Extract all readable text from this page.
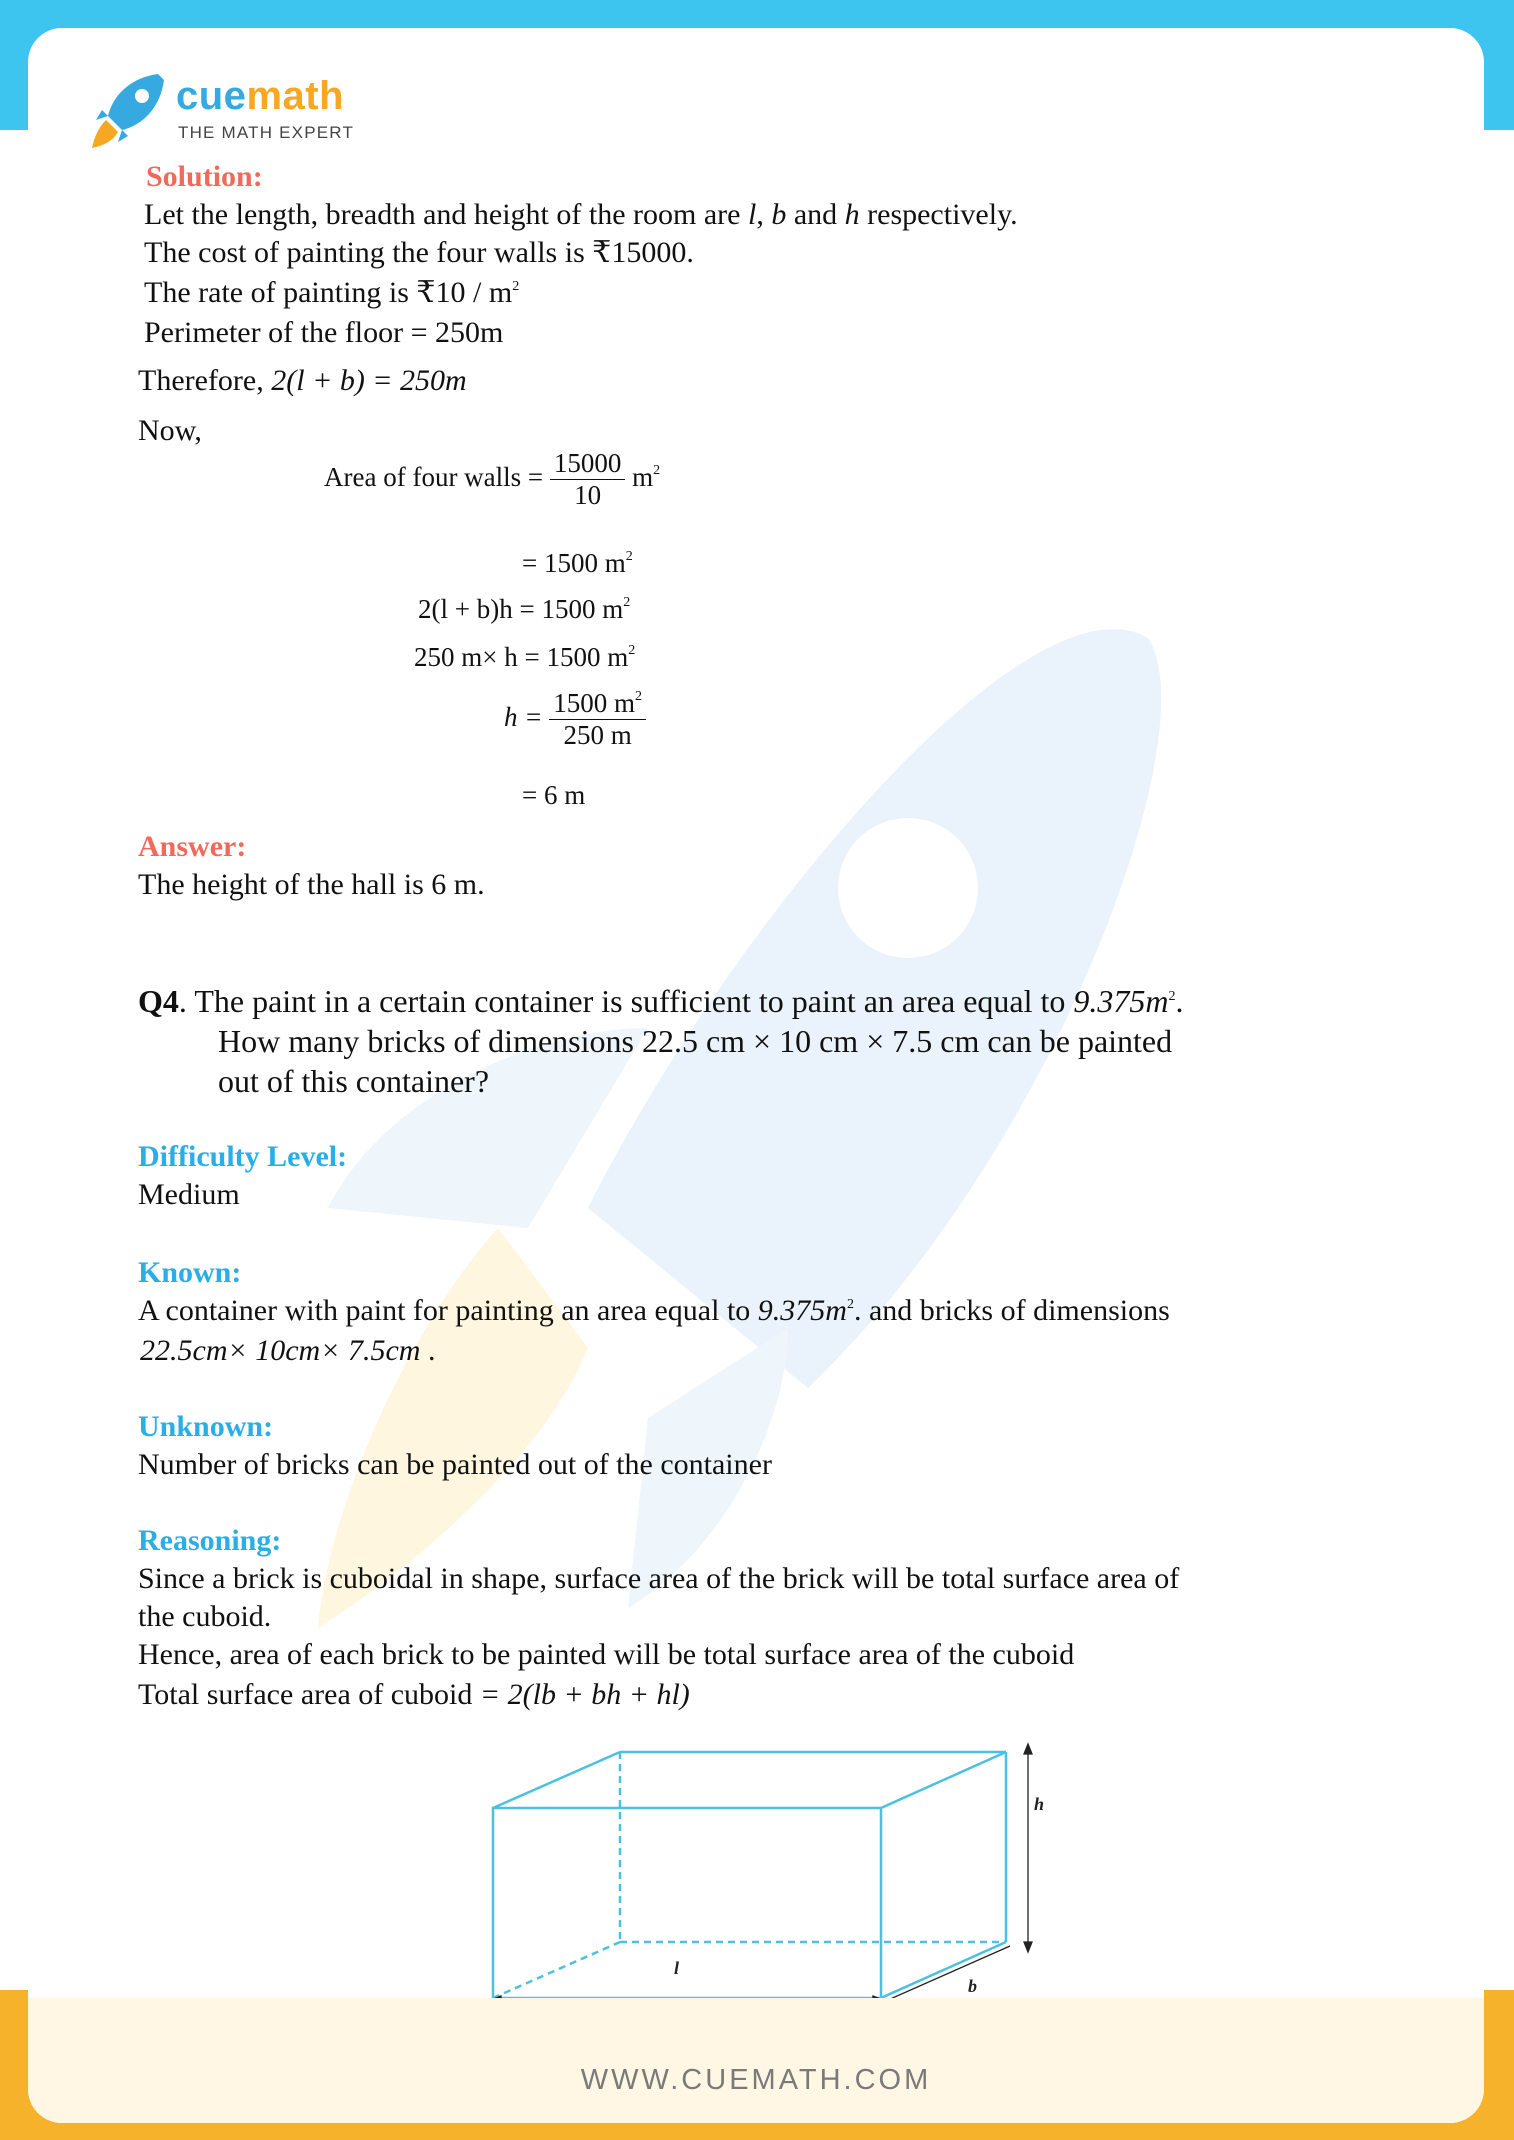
cuemath
THE MATH EXPERT
Solution:
Let the length, breadth and height of the room are l, b and h respectively.
The cost of painting the four walls is ₹15000.
The rate of painting is ₹10 / $m^2$
Perimeter of the floor = 250m
Therefore, 2(l + b) = 250m
Now,
Area of four walls = $\frac{15000}{10} m^2$
= 1500 $m^2$
2(l + b)h = 1500 $m^2$
250 m× h = 1500 $m^2$
$h = \frac{1500 m^2}{250 m}$
= 6 m
Answer:
The height of the hall is 6 m.
Q4. The paint in a certain container is sufficient to paint an area equal to $9.375m^2$.
How many bricks of dimensions 22.5 cm × 10 cm × 7.5 cm can be painted
out of this container?
Difficulty Level:
Medium
Known:
A container with paint for painting an area equal to $9.375m^2$. and bricks of dimensions
22.5cm× 10cm× 7.5cm .
Unknown:
Number of bricks can be painted out of the container
Reasoning:
Since a brick is cuboidal in shape, surface area of the brick will be total surface area of
the cuboid.
Hence, area of each brick to be painted will be total surface area of the cuboid
Total surface area of cuboid = 2(lb + bh + hl)
h
b
l
WWW.CUEMATH.COM
